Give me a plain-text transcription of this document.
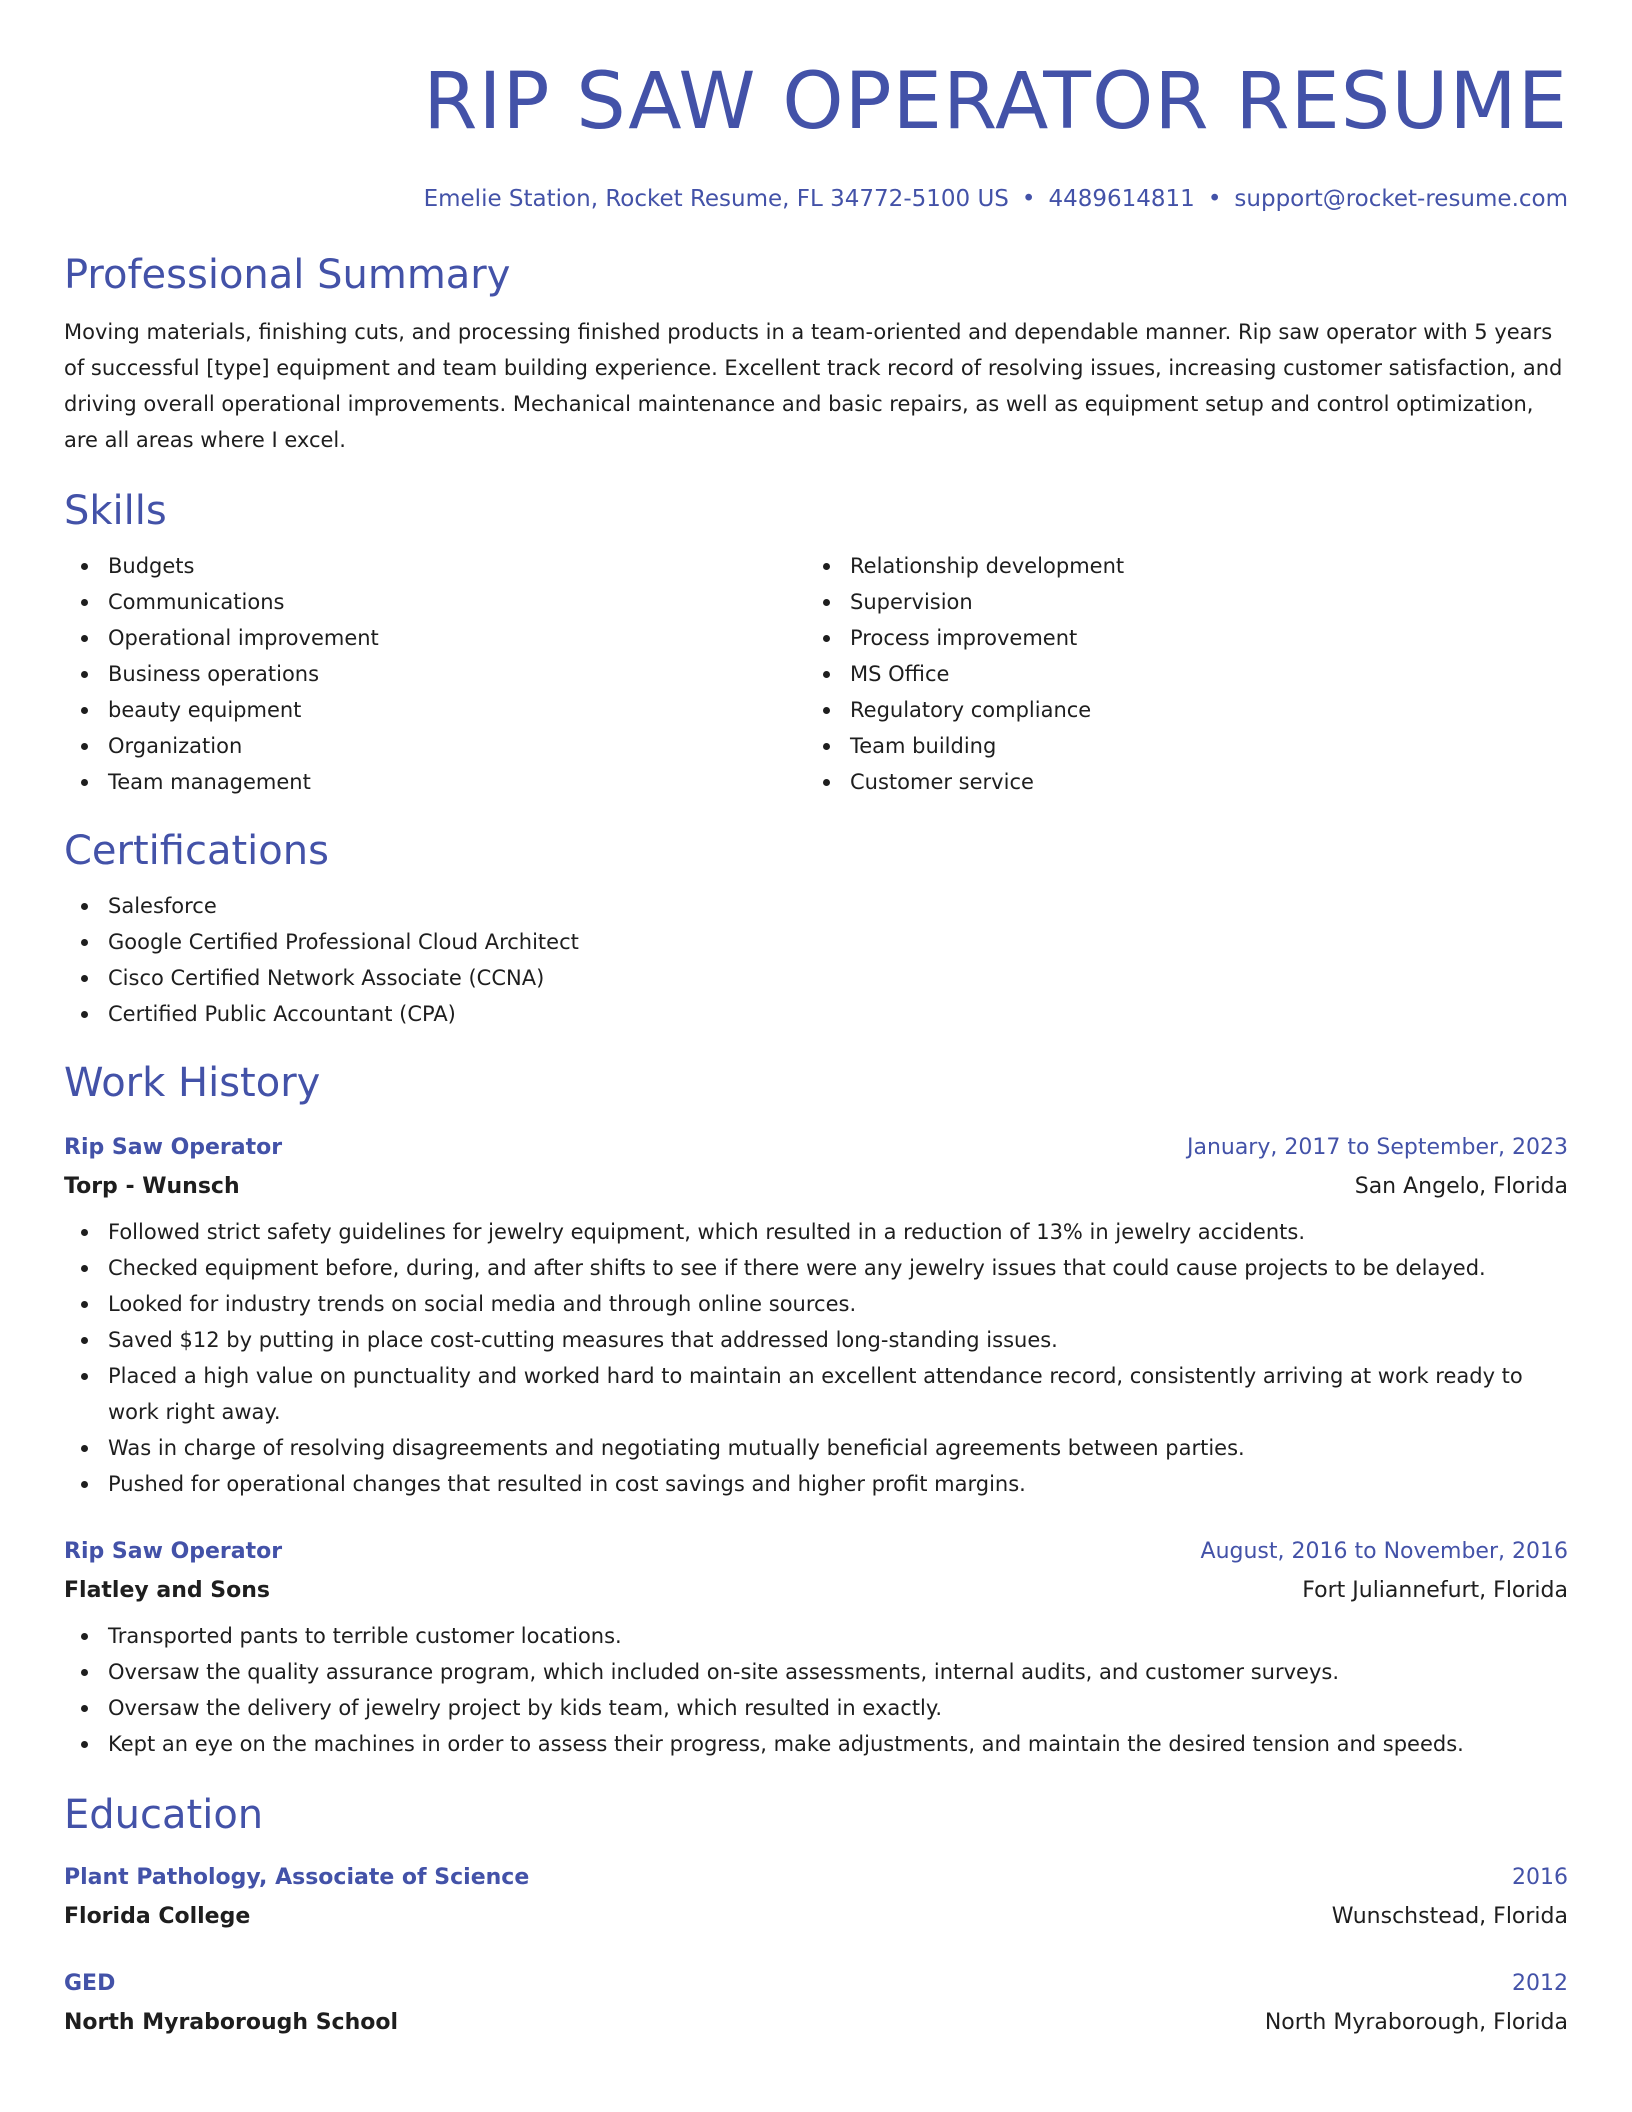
RIP SAW OPERATOR RESUME
Emelie Station, Rocket Resume, FL 34772-5100 US • 4489614811 • support@rocket-resume.com
Professional Summary

Moving materials, finishing cuts, and processing finished products in a team-oriented and dependable manner. Rip saw operator with 5 years of successful [type] equipment and team building experience. Excellent track record of resolving issues, increasing customer satisfaction, and driving overall operational improvements. Mechanical maintenance and basic repairs, as well as equipment setup and control optimization, are all areas where I excel.

Skills
Budgets
Communications
Operational improvement
Business operations
beauty equipment
Organization
Team management
Relationship development
Supervision
Process improvement
MS Office
Regulatory compliance
Team building
Customer service
Certifications
Salesforce
Google Certified Professional Cloud Architect
Cisco Certified Network Associate (CCNA)
Certified Public Accountant (CPA)
Work History
Rip Saw Operator	January, 2017 to September, 2023
Torp - Wunsch	San Angelo, Florida
Followed strict safety guidelines for jewelry equipment, which resulted in a reduction of 13% in jewelry accidents.
Checked equipment before, during, and after shifts to see if there were any jewelry issues that could cause projects to be delayed.
Looked for industry trends on social media and through online sources.
Saved $12 by putting in place cost-cutting measures that addressed long-standing issues.
Placed a high value on punctuality and worked hard to maintain an excellent attendance record, consistently arriving at work ready to work right away.
Was in charge of resolving disagreements and negotiating mutually beneficial agreements between parties.
Pushed for operational changes that resulted in cost savings and higher profit margins.
Rip Saw Operator	August, 2016 to November, 2016
Flatley and Sons	Fort Juliannefurt, Florida
Transported pants to terrible customer locations.
Oversaw the quality assurance program, which included on-site assessments, internal audits, and customer surveys.
Oversaw the delivery of jewelry project by kids team, which resulted in exactly.
Kept an eye on the machines in order to assess their progress, make adjustments, and maintain the desired tension and speeds.
Education
Plant Pathology, Associate of Science	2016
Florida College	Wunschstead, Florida
GED	2012
North Myraborough School	North Myraborough, Florida
